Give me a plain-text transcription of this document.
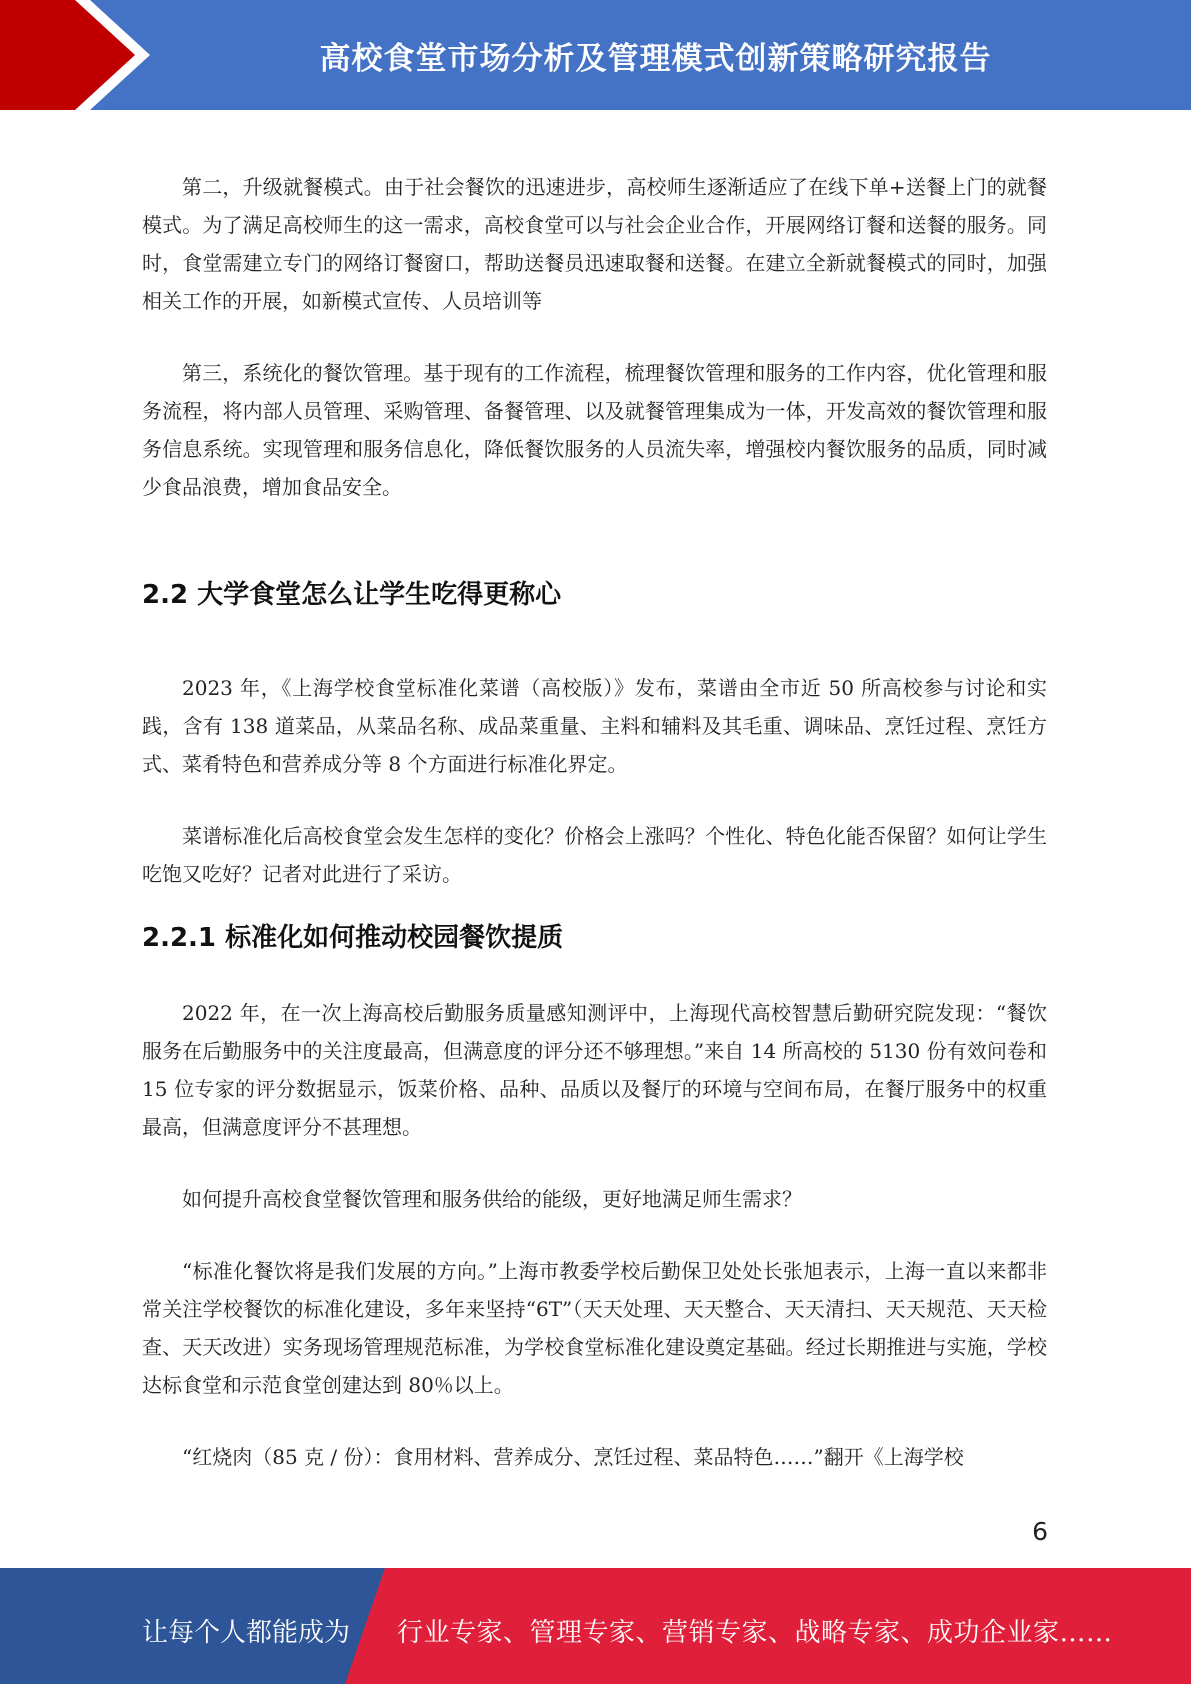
高校食堂市场分析及管理模式创新策略研究报告

第二，升级就餐模式。由于社会餐饮的迅速进步，高校师生逐渐适应了在线下单+送餐上门的就餐模式。为了满足高校师生的这一需求，高校食堂可以与社会企业合作，开展网络订餐和送餐的服务。同时，食堂需建立专门的网络订餐窗口，帮助送餐员迅速取餐和送餐。在建立全新就餐模式的同时，加强相关工作的开展，如新模式宣传、人员培训等

第三，系统化的餐饮管理。基于现有的工作流程，梳理餐饮管理和服务的工作内容，优化管理和服务流程，将内部人员管理、采购管理、备餐管理、以及就餐管理集成为一体，开发高效的餐饮管理和服务信息系统。实现管理和服务信息化，降低餐饮服务的人员流失率，增强校内餐饮服务的品质，同时减少食品浪费，增加食品安全。

2.2 大学食堂怎么让学生吃得更称心

2023 年，《上海学校食堂标准化菜谱（高校版）》发布，菜谱由全市近 50 所高校参与讨论和实践，含有 138 道菜品，从菜品名称、成品菜重量、主料和辅料及其毛重、调味品、烹饪过程、烹饪方式、菜肴特色和营养成分等 8 个方面进行标准化界定。

菜谱标准化后高校食堂会发生怎样的变化？价格会上涨吗？个性化、特色化能否保留？如何让学生吃饱又吃好？记者对此进行了采访。

2.2.1 标准化如何推动校园餐饮提质

2022 年，在一次上海高校后勤服务质量感知测评中，上海现代高校智慧后勤研究院发现：“餐饮服务在后勤服务中的关注度最高，但满意度的评分还不够理想。”来自 14 所高校的 5130 份有效问卷和 15 位专家的评分数据显示，饭菜价格、品种、品质以及餐厅的环境与空间布局，在餐厅服务中的权重最高，但满意度评分不甚理想。

如何提升高校食堂餐饮管理和服务供给的能级，更好地满足师生需求？

“标准化餐饮将是我们发展的方向。”上海市教委学校后勤保卫处处长张旭表示，上海一直以来都非常关注学校餐饮的标准化建设，多年来坚持“6T”（天天处理、天天整合、天天清扫、天天规范、天天检查、天天改进）实务现场管理规范标准，为学校食堂标准化建设奠定基础。经过长期推进与实施，学校达标食堂和示范食堂创建达到 80％以上。

“红烧肉（85 克 / 份）：食用材料、营养成分、烹饪过程、菜品特色……”翻开《上海学校

6
让每个人都能成为 行业专家、管理专家、营销专家、战略专家、成功企业家……
